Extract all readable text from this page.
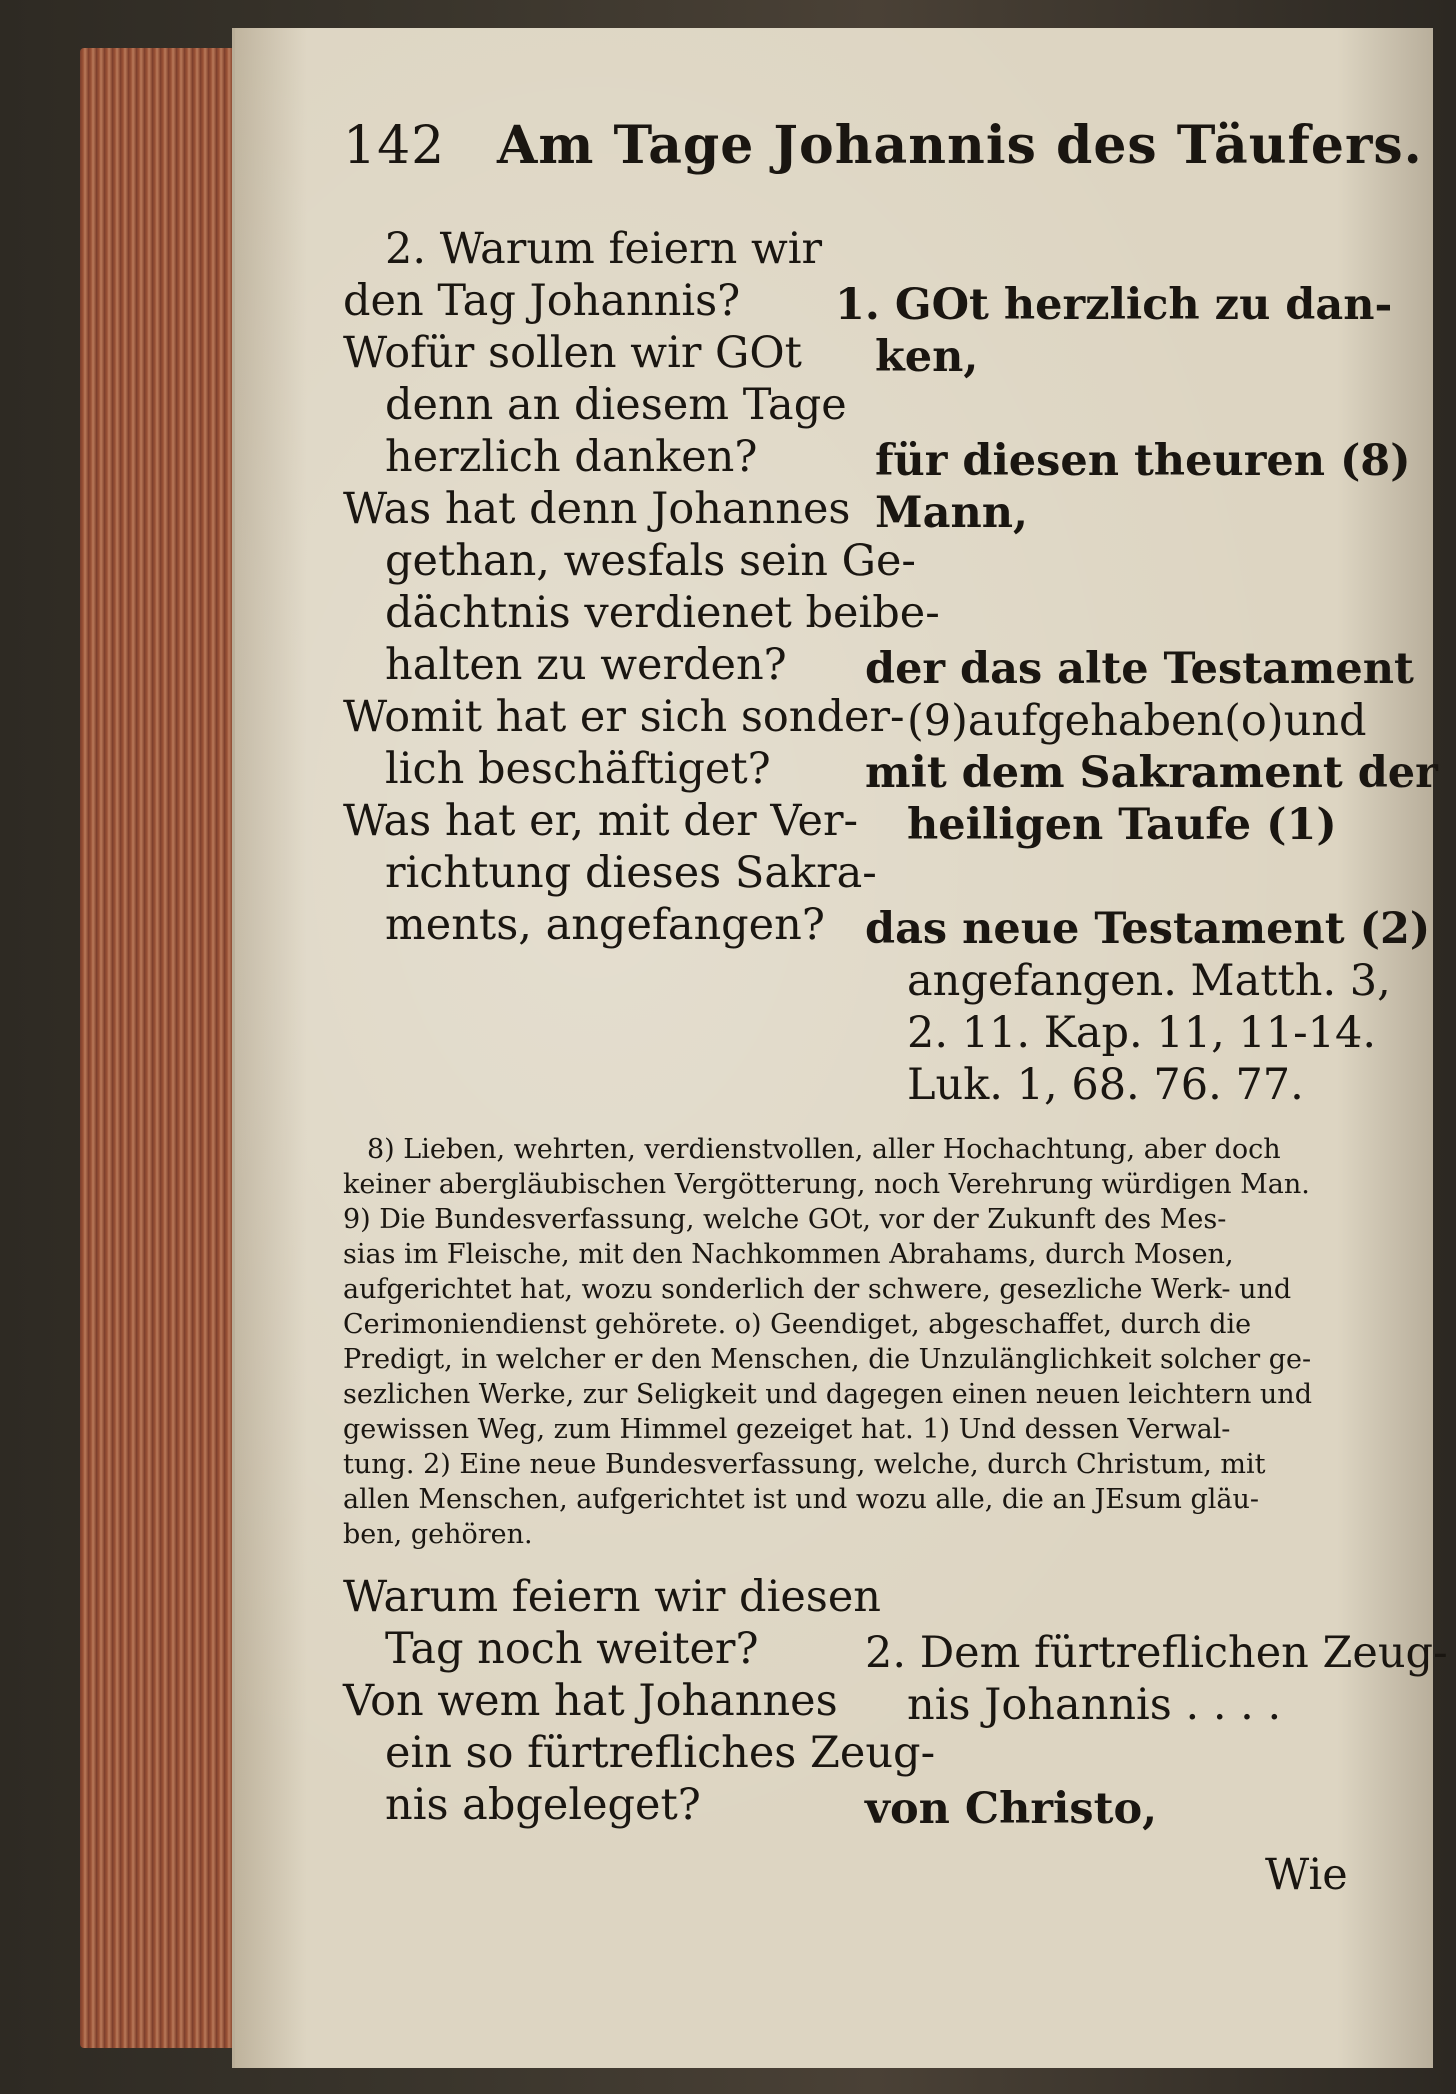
142 Am Tage Johannis des Täufers.
2. Warum feiern wir
den Tag Johannis?
Wofür sollen wir GOt
denn an diesem Tage
herzlich danken?
Was hat denn Johannes
gethan, wesfals sein Ge-
dächtnis verdienet beibe-
halten zu werden?
Womit hat er sich sonder-
lich beschäftiget?
Was hat er, mit der Ver-
richtung dieses Sakra-
ments, angefangen?
1. GOt herzlich zu dan-
ken,
für diesen theuren (8)
Mann,
der das alte Testament
(9)aufgehaben(o)und
mit dem Sakrament der
heiligen Taufe (1)
das neue Testament (2)
angefangen. Matth. 3,
2. 11. Kap. 11, 11-14.
Luk. 1, 68. 76. 77.
8) Lieben, wehrten, verdienstvollen, aller Hochachtung, aber doch
keiner abergläubischen Vergötterung, noch Verehrung würdigen Man.
9) Die Bundesverfassung, welche GOt, vor der Zukunft des Mes-
sias im Fleische, mit den Nachkommen Abrahams, durch Mosen,
aufgerichtet hat, wozu sonderlich der schwere, gesezliche Werk- und
Cerimoniendienst gehörete. o) Geendiget, abgeschaffet, durch die
Predigt, in welcher er den Menschen, die Unzulänglichkeit solcher ge-
sezlichen Werke, zur Seligkeit und dagegen einen neuen leichtern und
gewissen Weg, zum Himmel gezeiget hat. 1) Und dessen Verwal-
tung. 2) Eine neue Bundesverfassung, welche, durch Christum, mit
allen Menschen, aufgerichtet ist und wozu alle, die an JEsum gläu-
ben, gehören.
Warum feiern wir diesen
Tag noch weiter?
Von wem hat Johannes
ein so fürtrefliches Zeug-
nis abgeleget?
2. Dem fürtreflichen Zeug-
nis Johannis . . . .
von Christo,
Wie
